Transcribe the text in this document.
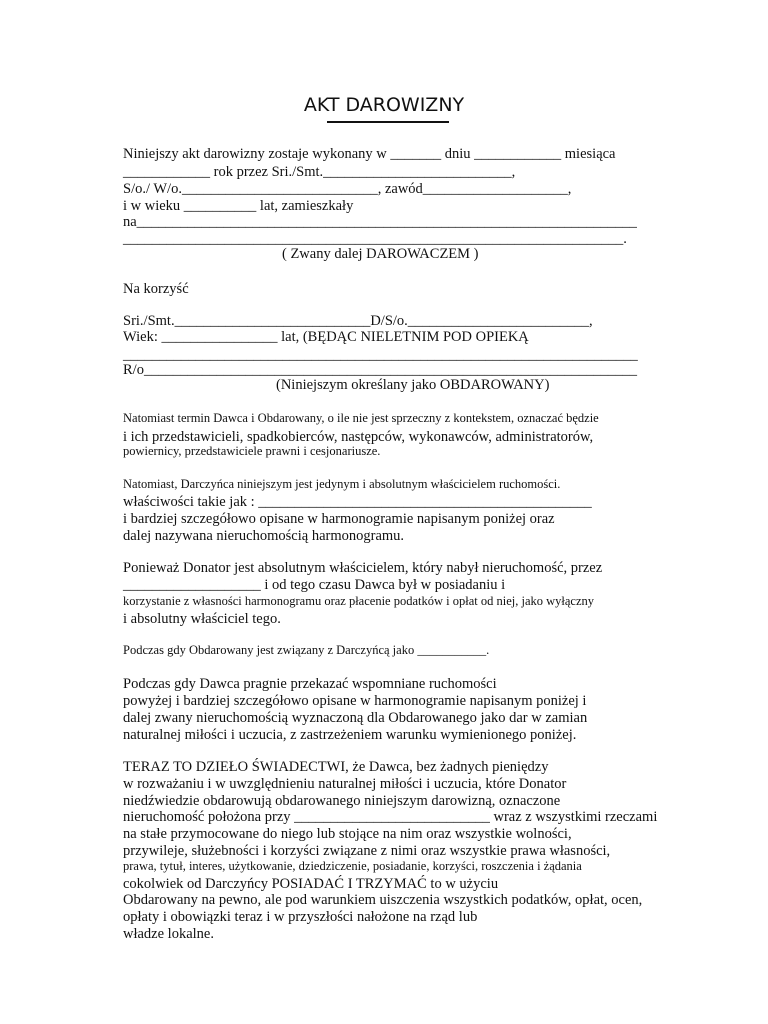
AKT DAROWIZNY
Niniejszy akt darowizny zostaje wykonany w _______ dniu ____________ miesiąca
____________ rok przez Sri./Smt.__________________________,
S/o./ W/o.___________________________, zawód____________________,
i w wieku __________ lat, zamieszkały
na_____________________________________________________________________
_____________________________________________________________________.
( Zwany dalej DAROWACZEM )
Na korzyść
Sri./Smt.___________________________D/S/o._________________________,
Wiek: ________________ lat, (BĘDĄC NIELETNIM POD OPIEKĄ
_______________________________________________________________________
R/o____________________________________________________________________
(Niniejszym określany jako OBDAROWANY)
Natomiast termin Dawca i Obdarowany, o ile nie jest sprzeczny z kontekstem, oznaczać będzie
i ich przedstawicieli, spadkobierców, następców, wykonawców, administratorów,
powiernicy, przedstawiciele prawni i cesjonariusze.
Natomiast, Darczyńca niniejszym jest jedynym i absolutnym właścicielem ruchomości.
właściwości takie jak : ______________________________________________
i bardziej szczegółowo opisane w harmonogramie napisanym poniżej oraz
dalej nazywana nieruchomością harmonogramu.
Ponieważ Donator jest absolutnym właścicielem, który nabył nieruchomość, przez
___________________ i od tego czasu Dawca był w posiadaniu i
korzystanie z własności harmonogramu oraz płacenie podatków i opłat od niej, jako wyłączny
i absolutny właściciel tego.
Podczas gdy Obdarowany jest związany z Darczyńcą jako ___________.
Podczas gdy Dawca pragnie przekazać wspomniane ruchomości
powyżej i bardziej szczegółowo opisane w harmonogramie napisanym poniżej i
dalej zwany nieruchomością wyznaczoną dla Obdarowanego jako dar w zamian
naturalnej miłości i uczucia, z zastrzeżeniem warunku wymienionego poniżej.
TERAZ TO DZIEŁO ŚWIADECTWI, że Dawca, bez żadnych pieniędzy
w rozważaniu i w uwzględnieniu naturalnej miłości i uczucia, które Donator
niedźwiedzie obdarowują obdarowanego niniejszym darowizną, oznaczone
nieruchomość położona przy ___________________________ wraz z wszystkimi rzeczami
na stałe przymocowane do niego lub stojące na nim oraz wszystkie wolności,
przywileje, służebności i korzyści związane z nimi oraz wszystkie prawa własności,
prawa, tytuł, interes, użytkowanie, dziedziczenie, posiadanie, korzyści, roszczenia i żądania
cokolwiek od Darczyńcy POSIADAĆ I TRZYMAĆ to w użyciu
Obdarowany na pewno, ale pod warunkiem uiszczenia wszystkich podatków, opłat, ocen,
opłaty i obowiązki teraz i w przyszłości nałożone na rząd lub
władze lokalne.
